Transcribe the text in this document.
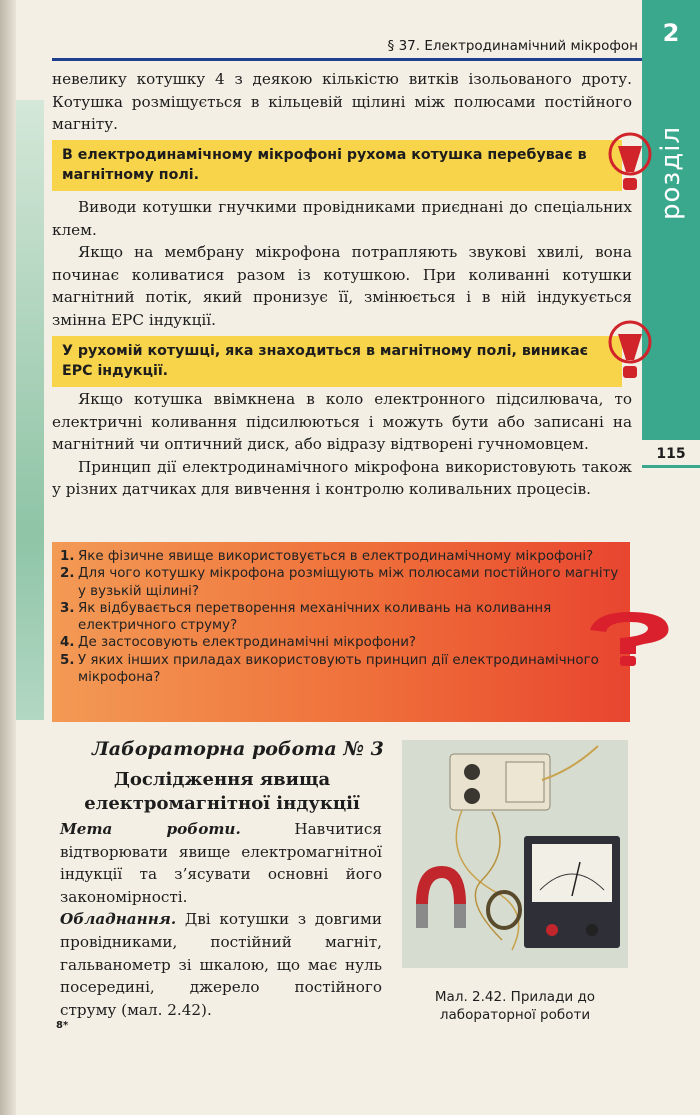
§ 37. Електродинамічний мікрофон	2
розділ
115

невелику котушку 4 з деякою кількістю витків ізольованого дроту. Котушка розміщується в кільцевій щілині між полюсами постійного магніту.

В електродинамічному мікрофоні рухома котушка перебуває в магнітному полі.

Виводи котушки гнучкими провідниками приєднані до спеціальних клем.

Якщо на мембрану мікрофона потрапляють звукові хвилі, вона починає коливатися разом із котушкою. При коливанні котушки магнітний потік, який пронизує її, змінюється і в ній індукується змінна ЕРС індукції.

У рухомій котушці, яка знаходиться в магнітному полі, виникає ЕРС індукції.

Якщо котушка ввімкнена в коло електронного підсилювача, то електричні коливання підсилюються і можуть бути або записані на магнітний чи оптичний диск, або відразу відтворені гучномовцем.

Принцип дії електродинамічного мікрофона використовують також у різних датчиках для вивчення і контролю коливальних процесів.

1. Яке фізичне явище використовується в електродинамічному мікрофоні?
2. Для чого котушку мікрофона розміщують між полюсами постійного магніту у вузькій щілині?
3. Як відбувається перетворення механічних коливань на коливання електричного струму?
4. Де застосовують електродинамічні мікрофони?
5. У яких інших приладах використовують принцип дії електродинамічного мікрофона?
Лабораторна робота № 3
Дослідження явища електромагнітної індукції

Мета роботи. Навчитися відтворювати явище електромагнітної індукції та з’ясувати основні його закономірності.

Обладнання. Дві котушки з довгими провідниками, постійний магніт, гальванометр зі шкалою, що має нуль посередині, джерело постійного струму (мал. 2.42).

Мал. 2.42. Прилади до лабораторної роботи
8*
